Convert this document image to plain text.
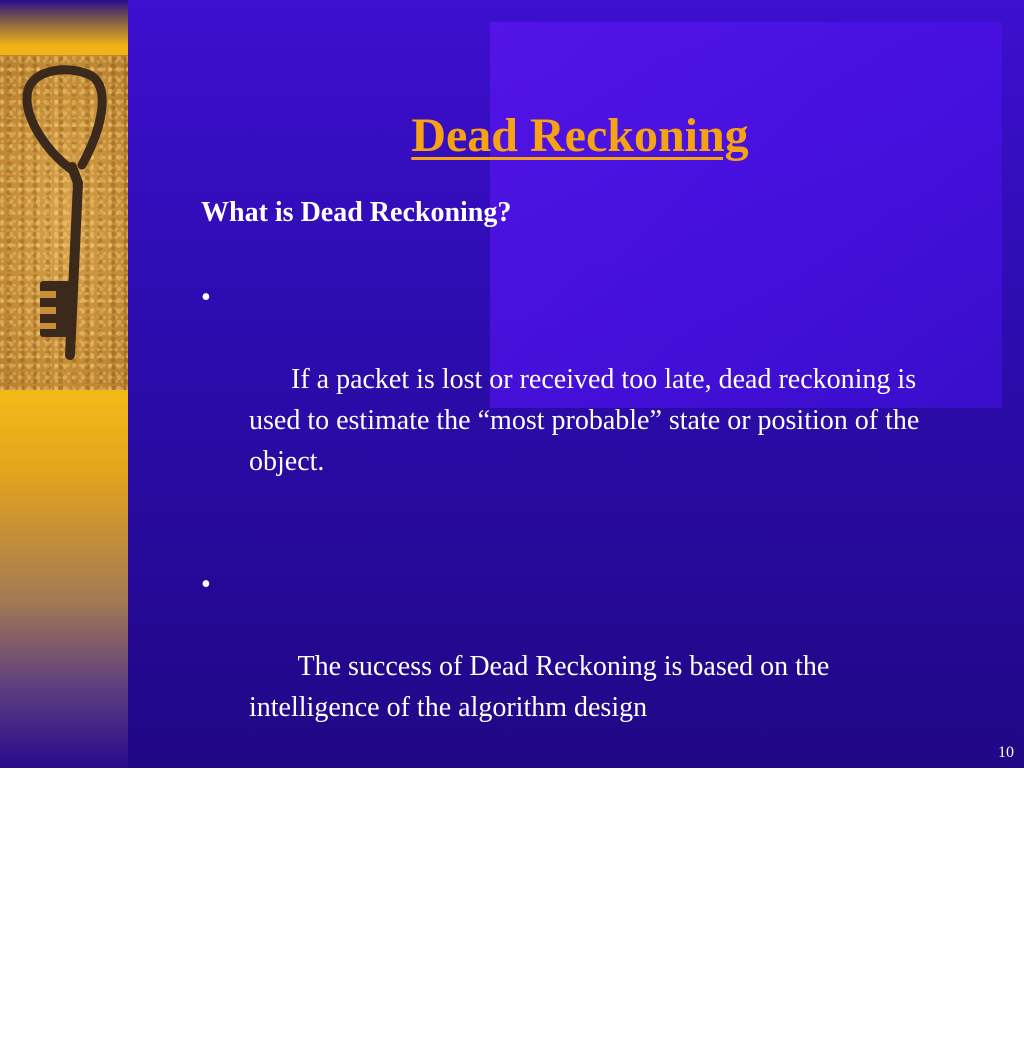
Dead Reckoning

What is Dead Reckoning?

•

If a packet is lost or received too late, dead reckoning is used to estimate the “most probable” state or position of the object.

•

The success of Dead Reckoning is based on the intelligence of the algorithm design

•

There is inconsistency between the actual and expected states.

10
